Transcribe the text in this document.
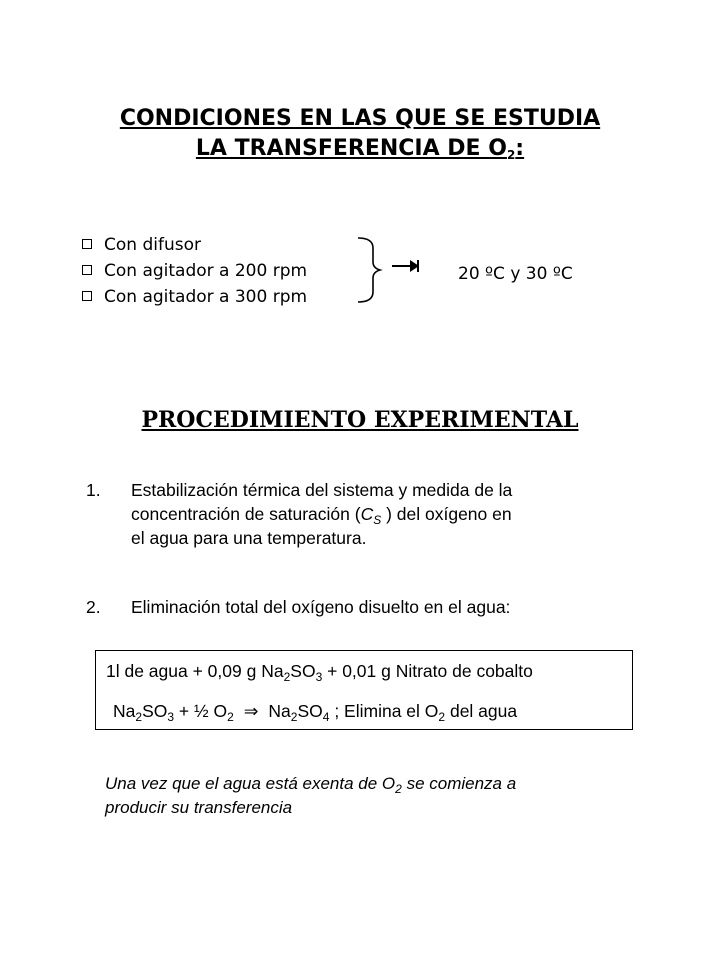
CONDICIONES EN LAS QUE SE ESTUDIA
LA TRANSFERENCIA DE $O_2$:
Con difusor
Con agitador a 200 rpm
Con agitador a 300 rpm
20 ºC y 30 ºC
PROCEDIMIENTO EXPERIMENTAL
1.	Estabilización térmica del sistema y medida de la
concentración de saturación ($C_S$ ) del oxígeno en
el agua para una temperatura.
2.	Eliminación total del oxígeno disuelto en el agua:
1l de agua + 0,09 g $Na_2SO_3 + 0,01$ g Nitrato de cobalto
$Na_2SO_3$ + ½ $O_2$ ⇒ $Na_2SO_4$ ; Elimina el $O_2$ del agua
Una vez que el agua está exenta de $O_2$ se comienza a
producir su transferencia
